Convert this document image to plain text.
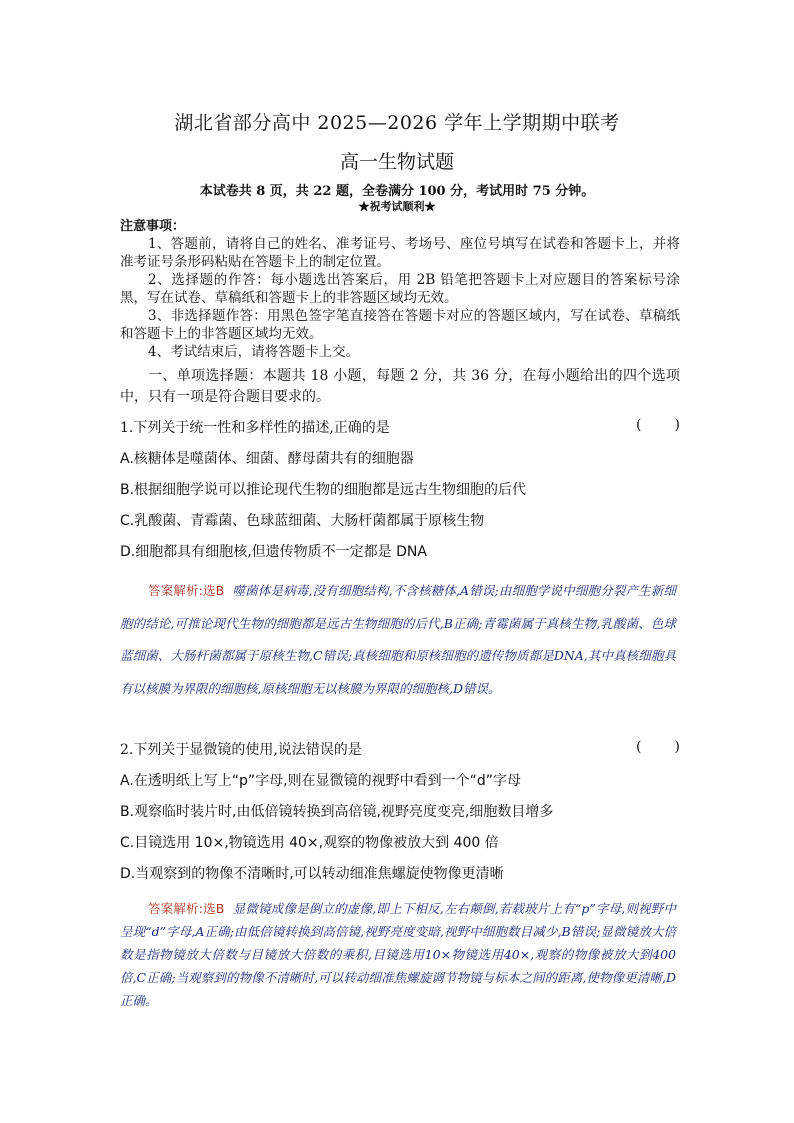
湖北省部分高中 2025—2026 学年上学期期中联考
高一生物试题
本试卷共 8 页，共 22 题，全卷满分 100 分，考试用时 75 分钟。
★祝考试顺利★
注意事项：
1、答题前，请将自己的姓名、准考证号、考场号、座位号填写在试卷和答题卡上，并将准考证号条形码粘贴在答题卡上的制定位置。
2、选择题的作答：每小题选出答案后，用 2B 铅笔把答题卡上对应题目的答案标号涂黑，写在试卷、草稿纸和答题卡上的非答题区域均无效。
3、非选择题作答：用黑色签字笔直接答在答题卡对应的答题区域内，写在试卷、草稿纸和答题卡上的非答题区域均无效。
4、考试结束后，请将答题卡上交。
一、单项选择题：本题共 18 小题，每题 2 分，共 36 分，在每小题给出的四个选项中，只有一项是符合题目要求的。
1.下列关于统一性和多样性的描述,正确的是	( )
A.核糖体是噬菌体、细菌、酵母菌共有的细胞器
B.根据细胞学说可以推论现代生物的细胞都是远古生物细胞的后代
C.乳酸菌、青霉菌、色球蓝细菌、大肠杆菌都属于原核生物
D.细胞都具有细胞核,但遗传物质不一定都是 DNA
答案解析:选B 噬菌体是病毒,没有细胞结构,不含核糖体,A错误;由细胞学说中细胞分裂产生新细胞的结论,可推论现代生物的细胞都是远古生物细胞的后代,B正确;青霉菌属于真核生物,乳酸菌、色球蓝细菌、大肠杆菌都属于原核生物,C错误;真核细胞和原核细胞的遗传物质都是DNA,其中真核细胞具有以核膜为界限的细胞核,原核细胞无以核膜为界限的细胞核,D错误。
2.下列关于显微镜的使用,说法错误的是	( )
A.在透明纸上写上“p”字母,则在显微镜的视野中看到一个“d”字母
B.观察临时装片时,由低倍镜转换到高倍镜,视野亮度变亮,细胞数目增多
C.目镜选用 10×,物镜选用 40×,观察的物像被放大到 400 倍
D.当观察到的物像不清晰时,可以转动细准焦螺旋使物像更清晰
答案解析:选B 显微镜成像是倒立的虚像,即上下相反,左右颠倒,若载玻片上有“p”字母,则视野中呈现“d”字母,A正确;由低倍镜转换到高倍镜,视野亮度变暗,视野中细胞数目减少,B错误;显微镜放大倍数是指物镜放大倍数与目镜放大倍数的乘积,目镜选用10×物镜选用40×,观察的物像被放大到400倍,C正确;当观察到的物像不清晰时,可以转动细准焦螺旋调节物镜与标本之间的距离,使物像更清晰,D正确。
